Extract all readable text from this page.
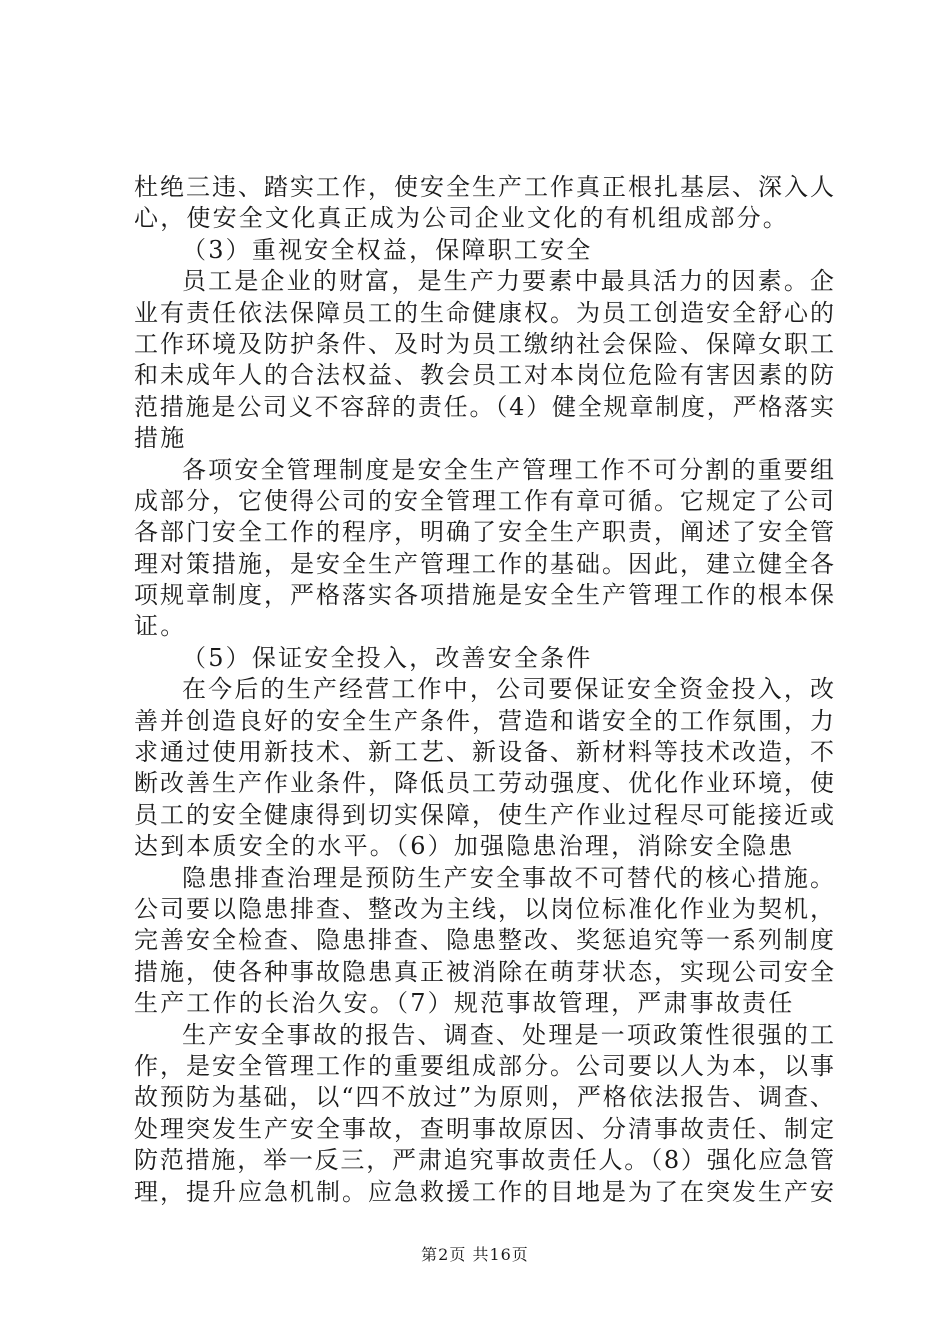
杜绝三违、踏实工作，使安全生产工作真正根扎基层、深入人
心，使安全文化真正成为公司企业文化的有机组成部分。
（3）重视安全权益，保障职工安全
员工是企业的财富，是生产力要素中最具活力的因素。企
业有责任依法保障员工的生命健康权。为员工创造安全舒心的
工作环境及防护条件、及时为员工缴纳社会保险、保障女职工
和未成年人的合法权益、教会员工对本岗位危险有害因素的防
范措施是公司义不容辞的责任。（4）健全规章制度，严格落实
措施
各项安全管理制度是安全生产管理工作不可分割的重要组
成部分，它使得公司的安全管理工作有章可循。它规定了公司
各部门安全工作的程序，明确了安全生产职责，阐述了安全管
理对策措施，是安全生产管理工作的基础。因此，建立健全各
项规章制度，严格落实各项措施是安全生产管理工作的根本保
证。
（5）保证安全投入，改善安全条件
在今后的生产经营工作中，公司要保证安全资金投入，改
善并创造良好的安全生产条件，营造和谐安全的工作氛围，力
求通过使用新技术、新工艺、新设备、新材料等技术改造，不
断改善生产作业条件，降低员工劳动强度、优化作业环境，使
员工的安全健康得到切实保障，使生产作业过程尽可能接近或
达到本质安全的水平。（6）加强隐患治理，消除安全隐患
隐患排查治理是预防生产安全事故不可替代的核心措施。
公司要以隐患排查、整改为主线，以岗位标准化作业为契机，
完善安全检查、隐患排查、隐患整改、奖惩追究等一系列制度
措施，使各种事故隐患真正被消除在萌芽状态，实现公司安全
生产工作的长治久安。（7）规范事故管理，严肃事故责任
生产安全事故的报告、调查、处理是一项政策性很强的工
作，是安全管理工作的重要组成部分。公司要以人为本，以事
故预防为基础，以“四不放过”为原则，严格依法报告、调查、
处理突发生产安全事故，查明事故原因、分清事故责任、制定
防范措施，举一反三，严肃追究事故责任人。（8）强化应急管
理，提升应急机制。应急救援工作的目地是为了在突发生产安
第2页 共16页
